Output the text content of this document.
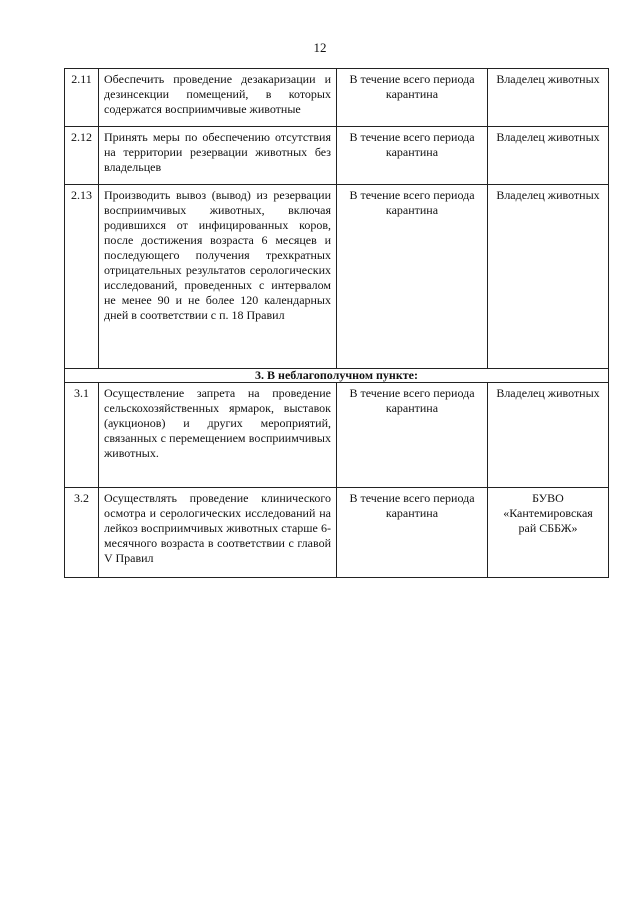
12
2.11	Обеспечить проведение дезакаризации и дезинсекции помещений, в которых содержатся восприимчивые животные	В течение всего периода карантина	Владелец животных
2.12	Принять меры по обеспечению отсутствия на территории резервации животных без владельцев	В течение всего периода карантина	Владелец животных
2.13	Производить вывоз (вывод) из резервации восприимчивых животных, включая родившихся от инфицированных коров, после достижения возраста 6 месяцев и последующего получения трехкратных отрицательных результатов серологических исследований, проведенных с интервалом не менее 90 и не более 120 календарных дней в соответствии с п. 18 Правил	В течение всего периода карантина	Владелец животных
3. В неблагополучном пункте:			
3.1	Осуществление запрета на проведение сельскохозяйственных ярмарок, выставок (аукционов) и других мероприятий, связанных с перемещением восприимчивых животных.	В течение всего периода карантина	Владелец животных
3.2	Осуществлять проведение клинического осмотра и серологических исследований на лейкоз восприимчивых животных старше 6-месячного возраста в соответствии с главой V Правил	В течение всего периода карантина	БУВО «Кантемировская рай СББЖ»
